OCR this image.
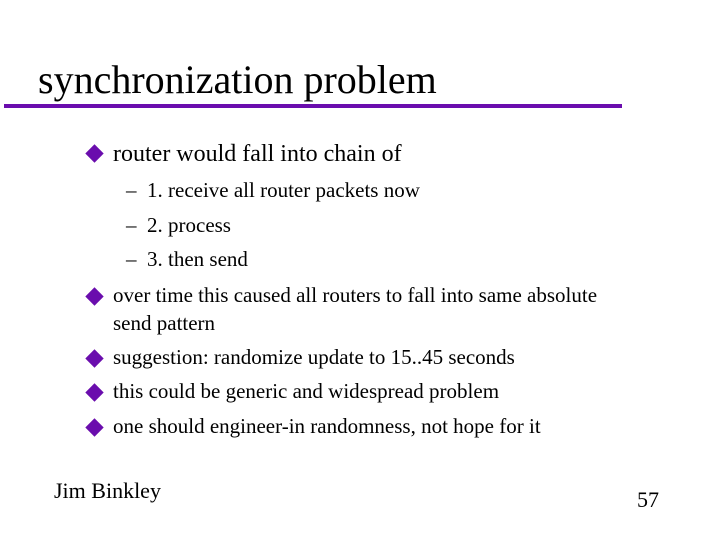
synchronization problem
router would fall into chain of
– 1. receive all router packets now
– 2. process
– 3. then send
over time this caused all routers to fall into same absolute
send pattern
suggestion: randomize update to 15..45 seconds
this could be generic and widespread problem
one should engineer-in randomness, not hope for it
Jim Binkley	57
